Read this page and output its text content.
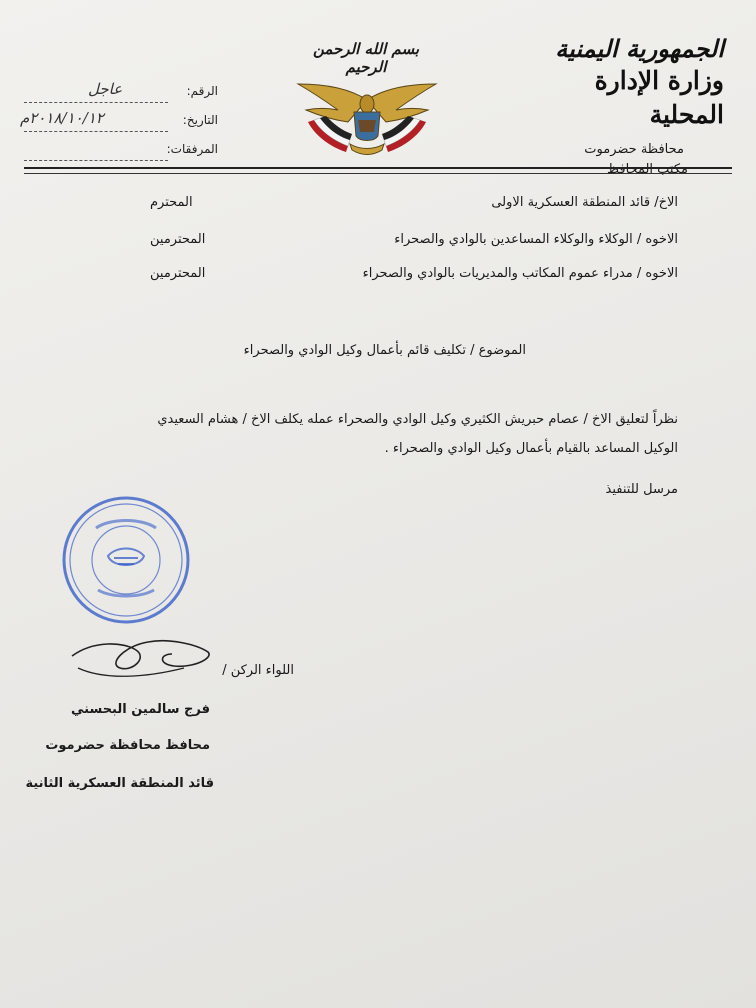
الجمهورية اليمنية
وزارة الإدارة المحلية
محافظة حضرموت
مكتب المحافظ
بسم الله الرحمن الرحيم
الرقم:
عاجل
التاريخ:
٢٠١٨/١٠/١٢م
المرفقات:
الاخ/ قائد المنطقة العسكرية الاولى
المحترم
الاخوه / الوكلاء والوكلاء المساعدين بالوادي والصحراء
المحترمين
الاخوه / مدراء عموم المكاتب والمديريات بالوادي والصحراء
المحترمين
الموضوع / تكليف قائم بأعمال وكيل الوادي والصحراء
نظراً لتعليق الاخ / عصام حبريش الكثيري وكيل الوادي والصحراء عمله يكلف الاخ / هشام السعيدي
الوكيل المساعد بالقيام بأعمال وكيل الوادي والصحراء .
مرسل للتنفيذ
اللواء الركن /
فرج سالمين البحسني
محافظ محافظة حضرموت
قائد المنطقة العسكرية الثانية
